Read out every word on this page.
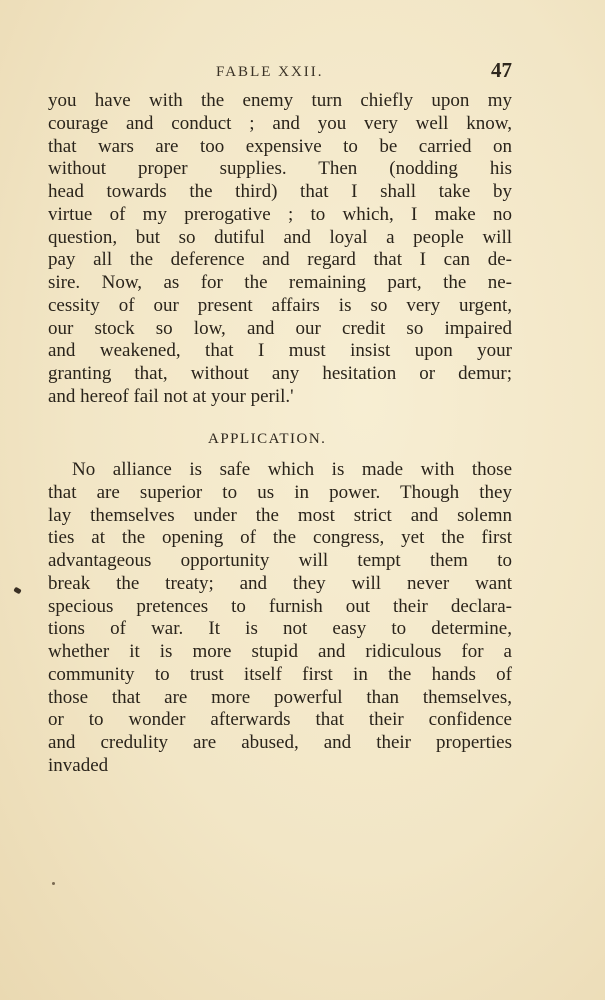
FABLE XXII.	47
you have with the enemy turn chiefly upon my
courage and conduct ; and you very well know,
that wars are too expensive to be carried on
without proper supplies. Then (nodding his
head towards the third) that I shall take by
virtue of my prerogative ; to which, I make no
question, but so dutiful and loyal a people will
pay all the deference and regard that I can de-
sire. Now, as for the remaining part, the ne-
cessity of our present affairs is so very urgent,
our stock so low, and our credit so impaired
and weakened, that I must insist upon your
granting that, without any hesitation or demur;
and hereof fail not at your peril.'
APPLICATION.
No alliance is safe which is made with those
that are superior to us in power. Though they
lay themselves under the most strict and solemn
ties at the opening of the congress, yet the first
advantageous opportunity will tempt them to
break the treaty; and they will never want
specious pretences to furnish out their declara-
tions of war. It is not easy to determine,
whether it is more stupid and ridiculous for a
community to trust itself first in the hands of
those that are more powerful than themselves,
or to wonder afterwards that their confidence
and credulity are abused, and their properties
invaded
